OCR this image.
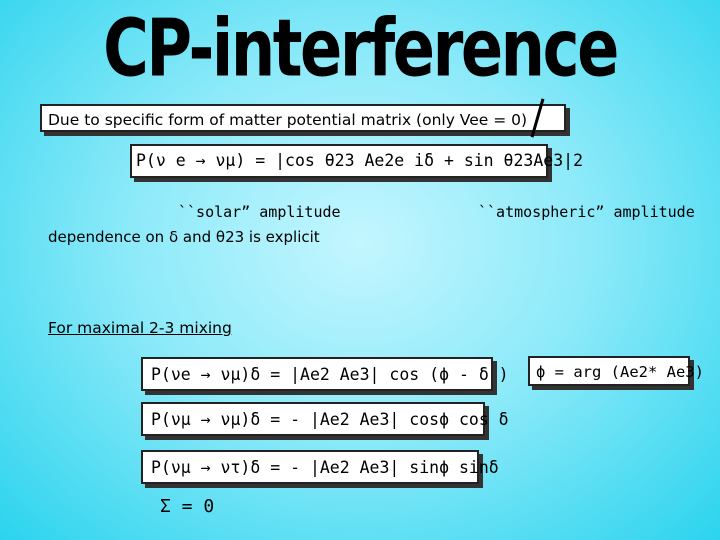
CP-interference
Due to specific form of matter potential matrix (only Vee = 0)
P(ν e → νμ) = |cos θ23 Ae2e iδ + sin θ23Ae3|2
``solar” amplitude	``atmospheric” amplitude
dependence on δ and θ23 is explicit
For maximal 2-3 mixing
P(νe → νμ)δ = |Ae2 Ae3| cos (ϕ - δ )
P(νμ → νμ)δ = - |Ae2 Ae3| cosϕ cos δ
P(νμ → ντ)δ = - |Ae2 Ae3| sinϕ sinδ
ϕ = arg (Ae2* Ae3)
Σ = 0
